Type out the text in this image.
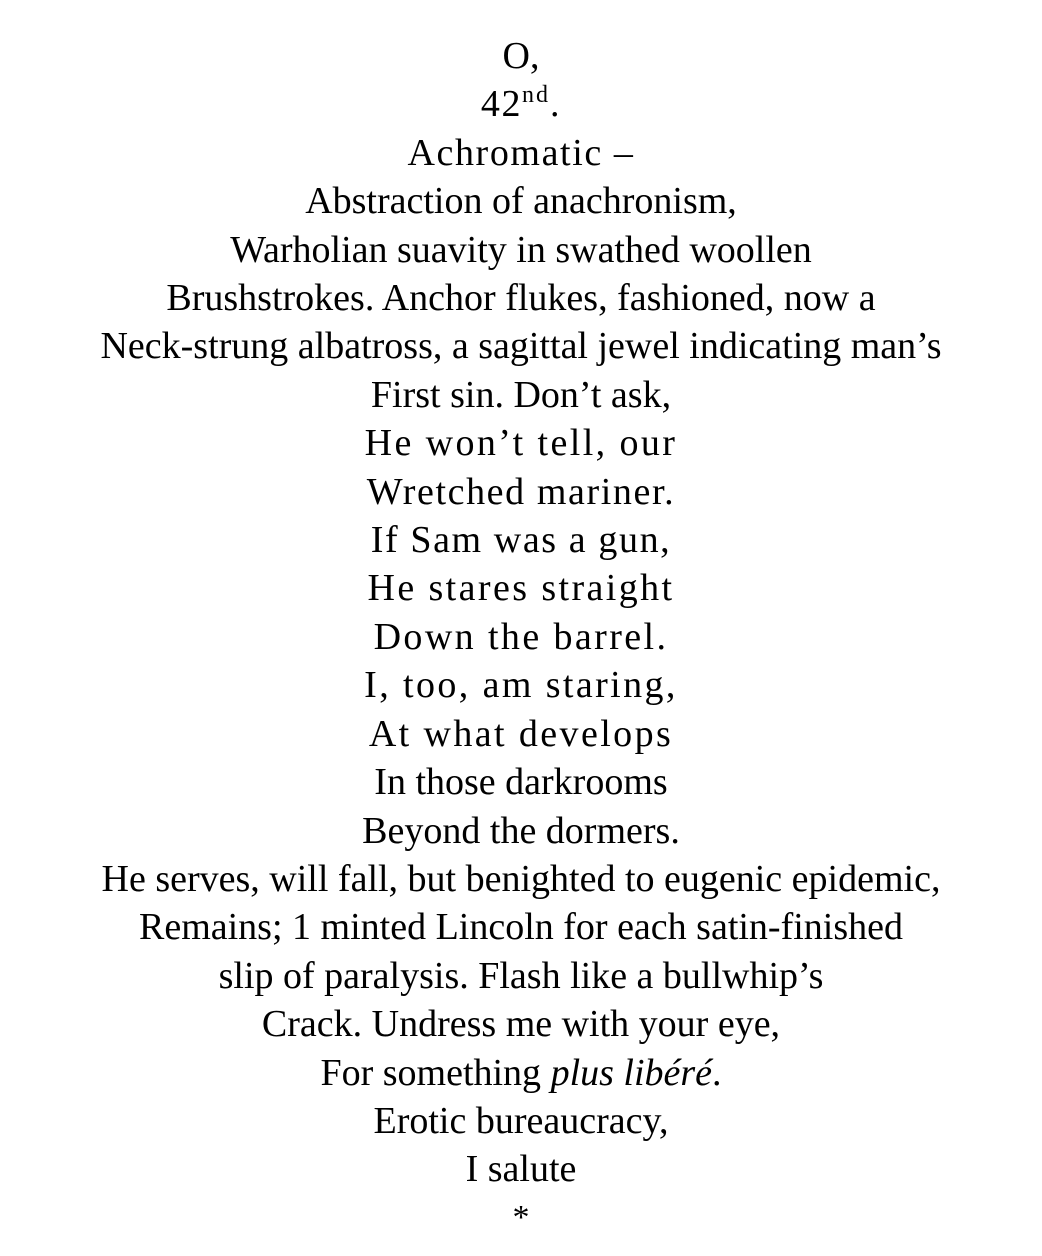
O,
42nd.
Achromatic –
Abstraction of anachronism,
Warholian suavity in swathed woollen
Brushstrokes. Anchor flukes, fashioned, now a
Neck-strung albatross, a sagittal jewel indicating man’s
First sin. Don’t ask,
He won’t tell, our
Wretched mariner.
If Sam was a gun,
He stares straight
Down the barrel.
I, too, am staring,
At what develops
In those darkrooms
Beyond the dormers.
He serves, will fall, but benighted to eugenic epidemic,
Remains; 1 minted Lincoln for each satin-finished
slip of paralysis. Flash like a bullwhip’s
Crack. Undress me with your eye,
For something plus libéré.
Erotic bureaucracy,
I salute
*
